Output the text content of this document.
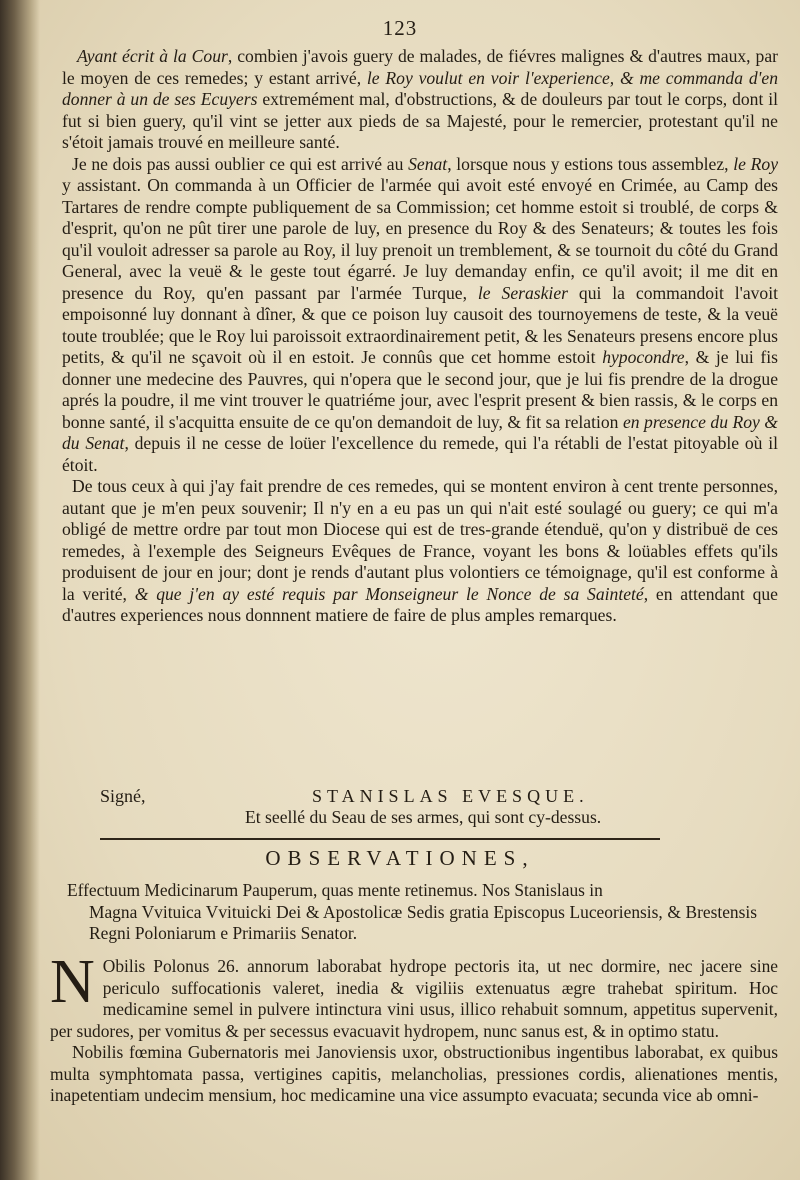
123

Ayant écrit à la Cour, combien j'avois guery de malades, de fiévres malignes & d'autres maux, par le moyen de ces remedes; y estant arrivé, le Roy voulut en voir l'experience, & me commanda d'en donner à un de ses Ecuyers extremément mal, d'obstructions, & de douleurs par tout le corps, dont il fut si bien guery, qu'il vint se jetter aux pieds de sa Majesté, pour le remercier, protestant qu'il ne s'étoit jamais trouvé en meilleure santé.

Je ne dois pas aussi oublier ce qui est arrivé au Senat, lorsque nous y estions tous assemblez, le Roy y assistant. On commanda à un Officier de l'armée qui avoit esté envoyé en Crimée, au Camp des Tartares de rendre compte publiquement de sa Commission; cet homme estoit si troublé, de corps & d'esprit, qu'on ne pût tirer une parole de luy, en presence du Roy & des Senateurs; & toutes les fois qu'il vouloit adresser sa parole au Roy, il luy prenoit un tremblement, & se tournoit du côté du Grand General, avec la veuë & le geste tout égarré. Je luy demanday enfin, ce qu'il avoit; il me dit en presence du Roy, qu'en passant par l'armée Turque, le Seraskier qui la commandoit l'avoit empoisonné luy donnant à dîner, & que ce poison luy causoit des tournoyemens de teste, & la veuë toute troublée; que le Roy lui paroissoit extraordinairement petit, & les Senateurs presens encore plus petits, & qu'il ne sçavoit où il en estoit. Je connûs que cet homme estoit hypocondre, & je lui fis donner une medecine des Pauvres, qui n'opera que le second jour, que je lui fis prendre de la drogue aprés la poudre, il me vint trouver le quatriéme jour, avec l'esprit present & bien rassis, & le corps en bonne santé, il s'acquitta ensuite de ce qu'on demandoit de luy, & fit sa relation en presence du Roy & du Senat, depuis il ne cesse de loüer l'excellence du remede, qui l'a rétabli de l'estat pitoyable où il étoit.

De tous ceux à qui j'ay fait prendre de ces remedes, qui se montent environ à cent trente personnes, autant que je m'en peux souvenir; Il n'y en a eu pas un qui n'ait esté soulagé ou guery; ce qui m'a obligé de mettre ordre par tout mon Diocese qui est de tres-grande étenduë, qu'on y distribuë de ces remedes, à l'exemple des Seigneurs Evêques de France, voyant les bons & loüables effets qu'ils produisent de jour en jour; dont je rends d'autant plus volontiers ce témoignage, qu'il est conforme à la verité, & que j'en ay esté requis par Monseigneur le Nonce de sa Sainteté, en attendant que d'autres experiences nous donnnent matiere de faire de plus amples remarques.

Signé,	STANISLAS EVESQUE.
Et seellé du Seau de ses armes, qui sont cy-dessus.
OBSERVATIONES,
Effectuum Medicinarum Pauperum, quas mente retinemus. Nos Stanislaus in
Magna Vvituica Vvituicki Dei & Apostolicæ Sedis gratia Episcopus Luceoriensis, & Brestensis Regni Poloniarum e Primariis Senator.
N Obilis Polonus 26. annorum laborabat hydrope pectoris ita, ut nec dormire, nec jacere sine periculo suffocationis valeret, inedia & vigiliis extenuatus ægre trahebat spiritum. Hoc medicamine semel in pulvere intinctura vini usus, illico rehabuit somnum, appetitus supervenit, per sudores, per vomitus & per secessus evacuavit hydropem, nunc sanus est, & in optimo statu.

Nobilis fœmina Gubernatoris mei Janoviensis uxor, obstructionibus ingentibus laborabat, ex quibus multa symphtomata passa, vertigines capitis, melancholias, pressiones cordis, alienationes mentis, inapetentiam undecim mensium, hoc medicamine una vice assumpto evacuata; secunda vice ab omni-
